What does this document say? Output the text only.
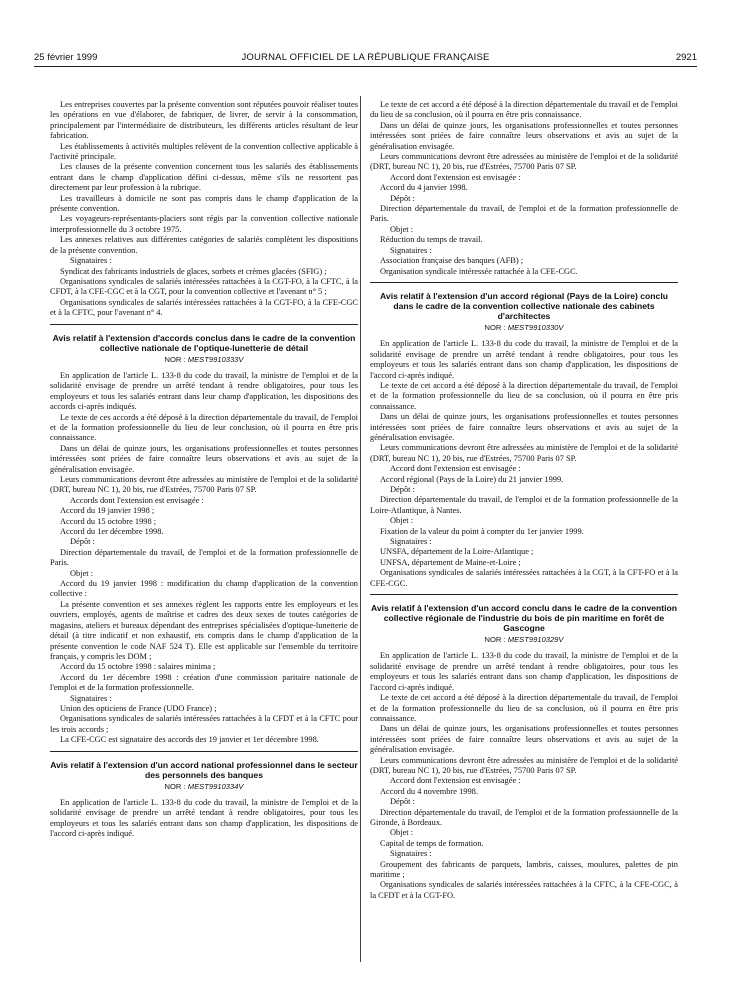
25 février 1999	JOURNAL OFFICIEL DE LA RÉPUBLIQUE FRANÇAISE	2921

Les entreprises couvertes par la présente convention sont réputées pouvoir réaliser toutes les opérations en vue d'élaborer, de fabriquer, de livrer, de servir à la consommation, principalement par l'intermédiaire de distributeurs, les différents articles résultant de leur fabrication.

Les établissements à activités multiples relèvent de la convention collective applicable à l'activité principale.

Les clauses de la présente convention concernent tous les salariés des établissements entrant dans le champ d'application défini ci-dessus, même s'ils ne ressortent pas directement par leur profession à la rubrique.

Les travailleurs à domicile ne sont pas compris dans le champ d'application de la présente convention.

Les voyageurs-représentants-placiers sont régis par la convention collective nationale interprofessionnelle du 3 octobre 1975.

Les annexes relatives aux différentes catégories de salariés complètent les dispositions de la présente convention.

Signataires :

Syndicat des fabricants industriels de glaces, sorbets et crèmes glacées (SFIG) ;

Organisations syndicales de salariés intéressées rattachées à la CGT-FO, à la CFTC, à la CFDT, à la CFE-CGC et à la CGT, pour la convention collective et l'avenant n° 5 ;

Organisations syndicales de salariés intéressées rattachées à la CGT-FO, à la CFE-CGC et à la CFTC, pour l'avenant n° 4.

Avis relatif à l'extension d'accords conclus dans le cadre de la convention collective nationale de l'optique-lunetterie de détail
NOR : MESТ9910333V

En application de l'article L. 133-8 du code du travail, la ministre de l'emploi et de la solidarité envisage de prendre un arrêté tendant à rendre obligatoires, pour tous les employeurs et tous les salariés entrant dans leur champ d'application, les dispositions des accords ci-après indiqués.

Le texte de ces accords a été déposé à la direction départementale du travail, de l'emploi et de la formation professionnelle du lieu de leur conclusion, où il pourra en être pris connaissance.

Dans un délai de quinze jours, les organisations professionnelles et toutes personnes intéressées sont priées de faire connaître leurs observations et avis au sujet de la généralisation envisagée.

Leurs communications devront être adressées au ministère de l'emploi et de la solidarité (DRT, bureau NC 1), 20 bis, rue d'Estrées, 75700 Paris 07 SP.

Accords dont l'extension est envisagée :

Accord du 19 janvier 1998 ;

Accord du 15 octobre 1998 ;

Accord du 1er décembre 1998.

Dépôt :

Direction départementale du travail, de l'emploi et de la formation professionnelle de Paris.

Objet :

Accord du 19 janvier 1998 : modification du champ d'application de la convention collective :

La présente convention et ses annexes règlent les rapports entre les employeurs et les ouvriers, employés, agents de maîtrise et cadres des deux sexes de toutes catégories de magasins, ateliers et bureaux dépendant des entreprises spécialisées d'optique-lunetterie de détail (à titre indicatif et non exhaustif, ets compris dans le champ d'application de la présente convention le code NAF 524 T). Elle est applicable sur l'ensemble du territoire français, y compris les DOM ;

Accord du 15 octobre 1998 : salaires minima ;

Accord du 1er décembre 1998 : création d'une commission paritaire nationale de l'emploi et de la formation professionnelle.

Signataires :

Union des opticiens de France (UDO France) ;

Organisations syndicales de salariés intéressées rattachées à la CFDT et à la CFTC pour les trois accords ;

La CFE-CGC est signataire des accords des 19 janvier et 1er décembre 1998.

Avis relatif à l'extension d'un accord national professionnel dans le secteur des personnels des banques
NOR : MESТ9910334V

En application de l'article L. 133-8 du code du travail, la ministre de l'emploi et de la solidarité envisage de prendre un arrêté tendant à rendre obligatoires, pour tous les employeurs et tous les salariés entrant dans son champ d'application, les dispositions de l'accord ci-après indiqué.

Le texte de cet accord a été déposé à la direction départementale du travail et de l'emploi du lieu de sa conclusion, où il pourra en être pris connaissance.

Dans un délai de quinze jours, les organisations professionnelles et toutes personnes intéressées sont priées de faire connaître leurs observations et avis au sujet de la généralisation envisagée.

Leurs communications devront être adressées au ministère de l'emploi et de la solidarité (DRT, bureau NC 1), 20 bis, rue d'Estrées, 75700 Paris 07 SP.

Accord dont l'extension est envisagée :

Accord du 4 janvier 1998.

Dépôt :

Direction départementale du travail, de l'emploi et de la formation professionnelle de Paris.

Objet :

Réduction du temps de travail.

Signataires :

Association française des banques (AFB) ;

Organisation syndicale intéressée rattachée à la CFE-CGC.

Avis relatif à l'extension d'un accord régional (Pays de la Loire) conclu dans le cadre de la convention collective nationale des cabinets d'architectes
NOR : MESТ9910330V

En application de l'article L. 133-8 du code du travail, la ministre de l'emploi et de la solidarité envisage de prendre un arrêté tendant à rendre obligatoires, pour tous les employeurs et tous les salariés entrant dans son champ d'application, les dispositions de l'accord ci-après indiqué.

Le texte de cet accord a été déposé à la direction départementale du travail, de l'emploi et de la formation professionnelle du lieu de sa conclusion, où il pourra en être pris connaissance.

Dans un délai de quinze jours, les organisations professionnelles et toutes personnes intéressées sont priées de faire connaître leurs observations et avis au sujet de la généralisation envisagée.

Leurs communications devront être adressées au ministère de l'emploi et de la solidarité (DRT, bureau NC 1), 20 bis, rue d'Estrées, 75700 Paris 07 SP.

Accord dont l'extension est envisagée :

Accord régional (Pays de la Loire) du 21 janvier 1999.

Dépôt :

Direction départementale du travail, de l'emploi et de la formation professionnelle de la Loire-Atlantique, à Nantes.

Objet :

Fixation de la valeur du point à compter du 1er janvier 1999.

Signataires :

UNSFA, département de la Loire-Atlantique ;

UNFSA, département de Maine-et-Loire ;

Organisations syndicales de salariés intéressées rattachées à la CGT, à la CFT-FO et à la CFE-CGC.

Avis relatif à l'extension d'un accord conclu dans le cadre de la convention collective régionale de l'industrie du bois de pin maritime en forêt de Gascogne
NOR : MESТ9910329V

En application de l'article L. 133-8 du code du travail, la ministre de l'emploi et de la solidarité envisage de prendre un arrêté tendant à rendre obligatoires, pour tous les employeurs et tous les salariés entrant dans son champ d'application, les dispositions de l'accord ci-après indiqué.

Le texte de cet accord a été déposé à la direction départementale du travail, de l'emploi et de la formation professionnelle du lieu de sa conclusion, où il pourra en être pris connaissance.

Dans un délai de quinze jours, les organisations professionnelles et toutes personnes intéressées sont priées de faire connaître leurs observations et avis au sujet de la généralisation envisagée.

Leurs communications devront être adressées au ministère de l'emploi et de la solidarité (DRT, bureau NC 1), 20 bis, rue d'Estrées, 75700 Paris 07 SP.

Accord dont l'extension est envisagée :

Accord du 4 novembre 1998.

Dépôt :

Direction départementale du travail, de l'emploi et de la formation professionnelle de la Gironde, à Bordeaux.

Objet :

Capital de temps de formation.

Signataires :

Groupement des fabricants de parquets, lambris, caisses, moulures, palettes de pin maritime ;

Organisations syndicales de salariés intéressées rattachées à la CFTC, à la CFE-CGC, à la CFDT et à la CGT-FO.
